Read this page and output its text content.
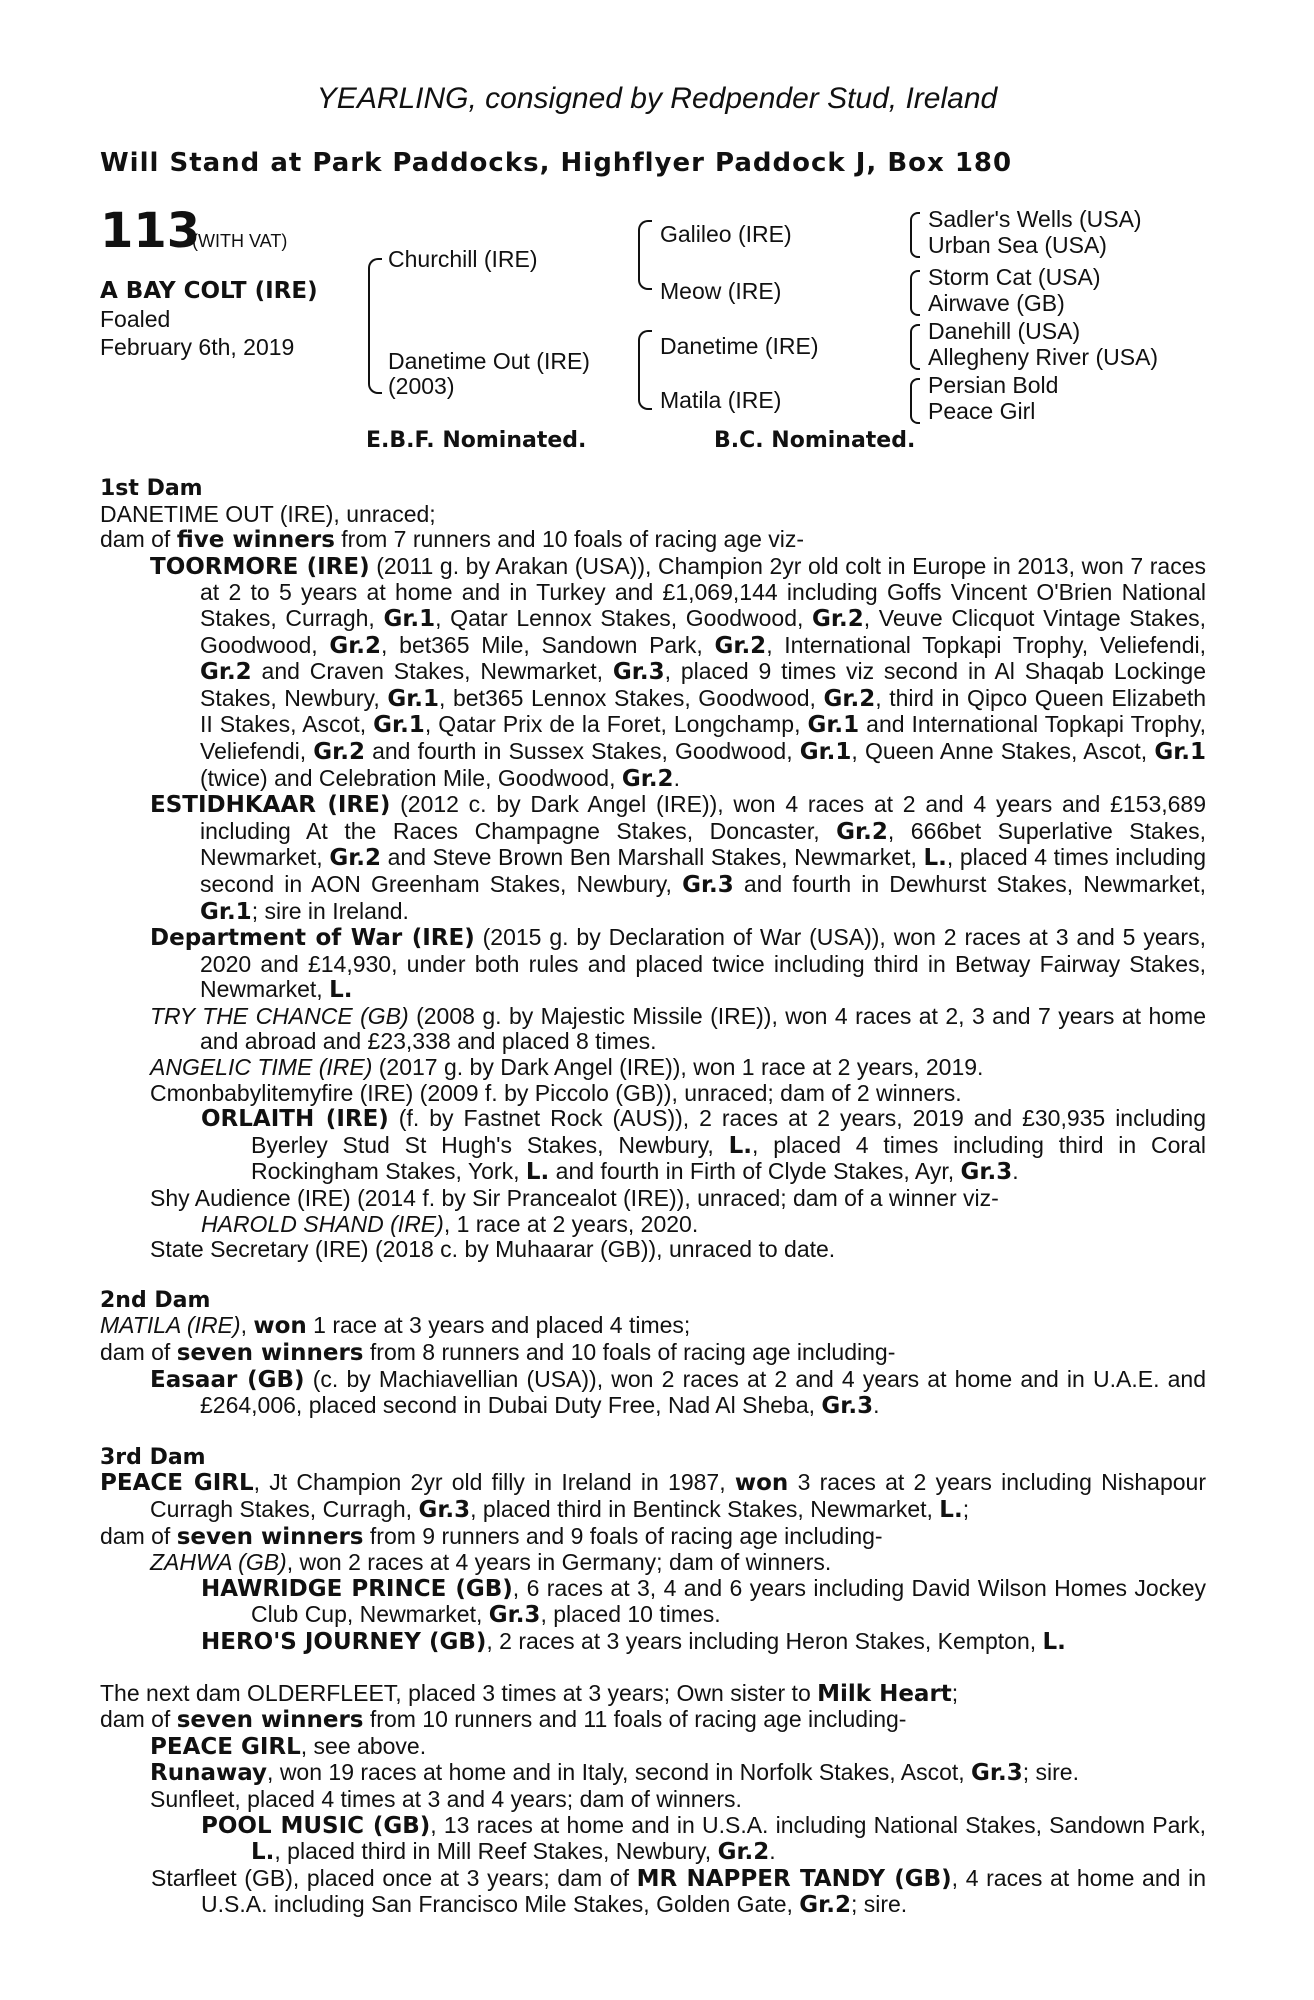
YEARLING, consigned by Redpender Stud, Ireland
Will Stand at Park Paddocks, Highflyer Paddock J, Box 180
113
(WITH VAT)
A BAY COLT (IRE)
Foaled
February 6th, 2019
Churchill (IRE)
Danetime Out (IRE)
(2003)
Galileo (IRE)
Meow (IRE)
Danetime (IRE)
Matila (IRE)
Sadler's Wells (USA)
Urban Sea (USA)
Storm Cat (USA)
Airwave (GB)
Danehill (USA)
Allegheny River (USA)
Persian Bold
Peace Girl
E.B.F. Nominated.	B.C. Nominated.
1st Dam
DANETIME OUT (IRE), unraced;
dam of five winners from 7 runners and 10 foals of racing age viz-
TOORMORE (IRE) (2011 g. by Arakan (USA)), Champion 2yr old colt in Europe in 2013, won 7 races at 2 to 5 years at home and in Turkey and £1,069,144 including Goffs Vincent O'Brien National Stakes, Curragh, Gr.1, Qatar Lennox Stakes, Goodwood, Gr.2, Veuve Clicquot Vintage Stakes, Goodwood, Gr.2, bet365 Mile, Sandown Park, Gr.2, International Topkapi Trophy, Veliefendi, Gr.2 and Craven Stakes, Newmarket, Gr.3, placed 9 times viz second in Al Shaqab Lockinge Stakes, Newbury, Gr.1, bet365 Lennox Stakes, Goodwood, Gr.2, third in Qipco Queen Elizabeth II Stakes, Ascot, Gr.1, Qatar Prix de la Foret, Longchamp, Gr.1 and International Topkapi Trophy, Veliefendi, Gr.2 and fourth in Sussex Stakes, Goodwood, Gr.1, Queen Anne Stakes, Ascot, Gr.1 (twice) and Celebration Mile, Goodwood, Gr.2.
ESTIDHKAAR (IRE) (2012 c. by Dark Angel (IRE)), won 4 races at 2 and 4 years and £153,689 including At the Races Champagne Stakes, Doncaster, Gr.2, 666bet Superlative Stakes, Newmarket, Gr.2 and Steve Brown Ben Marshall Stakes, Newmarket, L., placed 4 times including second in AON Greenham Stakes, Newbury, Gr.3 and fourth in Dewhurst Stakes, Newmarket, Gr.1; sire in Ireland.
Department of War (IRE) (2015 g. by Declaration of War (USA)), won 2 races at 3 and 5 years, 2020 and £14,930, under both rules and placed twice including third in Betway Fairway Stakes, Newmarket, L.
TRY THE CHANCE (GB) (2008 g. by Majestic Missile (IRE)), won 4 races at 2, 3 and 7 years at home and abroad and £23,338 and placed 8 times.
ANGELIC TIME (IRE) (2017 g. by Dark Angel (IRE)), won 1 race at 2 years, 2019.
Cmonbabylitemyfire (IRE) (2009 f. by Piccolo (GB)), unraced; dam of 2 winners.
ORLAITH (IRE) (f. by Fastnet Rock (AUS)), 2 races at 2 years, 2019 and £30,935 including Byerley Stud St Hugh's Stakes, Newbury, L., placed 4 times including third in Coral Rockingham Stakes, York, L. and fourth in Firth of Clyde Stakes, Ayr, Gr.3.
Shy Audience (IRE) (2014 f. by Sir Prancealot (IRE)), unraced; dam of a winner viz-
HAROLD SHAND (IRE), 1 race at 2 years, 2020.
State Secretary (IRE) (2018 c. by Muhaarar (GB)), unraced to date.
2nd Dam
MATILA (IRE), won 1 race at 3 years and placed 4 times;
dam of seven winners from 8 runners and 10 foals of racing age including-
Easaar (GB) (c. by Machiavellian (USA)), won 2 races at 2 and 4 years at home and in U.A.E. and £264,006, placed second in Dubai Duty Free, Nad Al Sheba, Gr.3.
3rd Dam
PEACE GIRL, Jt Champion 2yr old filly in Ireland in 1987, won 3 races at 2 years including Nishapour Curragh Stakes, Curragh, Gr.3, placed third in Bentinck Stakes, Newmarket, L.;
dam of seven winners from 9 runners and 9 foals of racing age including-
ZAHWA (GB), won 2 races at 4 years in Germany; dam of winners.
HAWRIDGE PRINCE (GB), 6 races at 3, 4 and 6 years including David Wilson Homes Jockey Club Cup, Newmarket, Gr.3, placed 10 times.
HERO'S JOURNEY (GB), 2 races at 3 years including Heron Stakes, Kempton, L.
The next dam OLDERFLEET, placed 3 times at 3 years; Own sister to Milk Heart;
dam of seven winners from 10 runners and 11 foals of racing age including-
PEACE GIRL, see above.
Runaway, won 19 races at home and in Italy, second in Norfolk Stakes, Ascot, Gr.3; sire.
Sunfleet, placed 4 times at 3 and 4 years; dam of winners.
POOL MUSIC (GB), 13 races at home and in U.S.A. including National Stakes, Sandown Park, L., placed third in Mill Reef Stakes, Newbury, Gr.2.
Starfleet (GB), placed once at 3 years; dam of MR NAPPER TANDY (GB), 4 races at home and in U.S.A. including San Francisco Mile Stakes, Golden Gate, Gr.2; sire.
